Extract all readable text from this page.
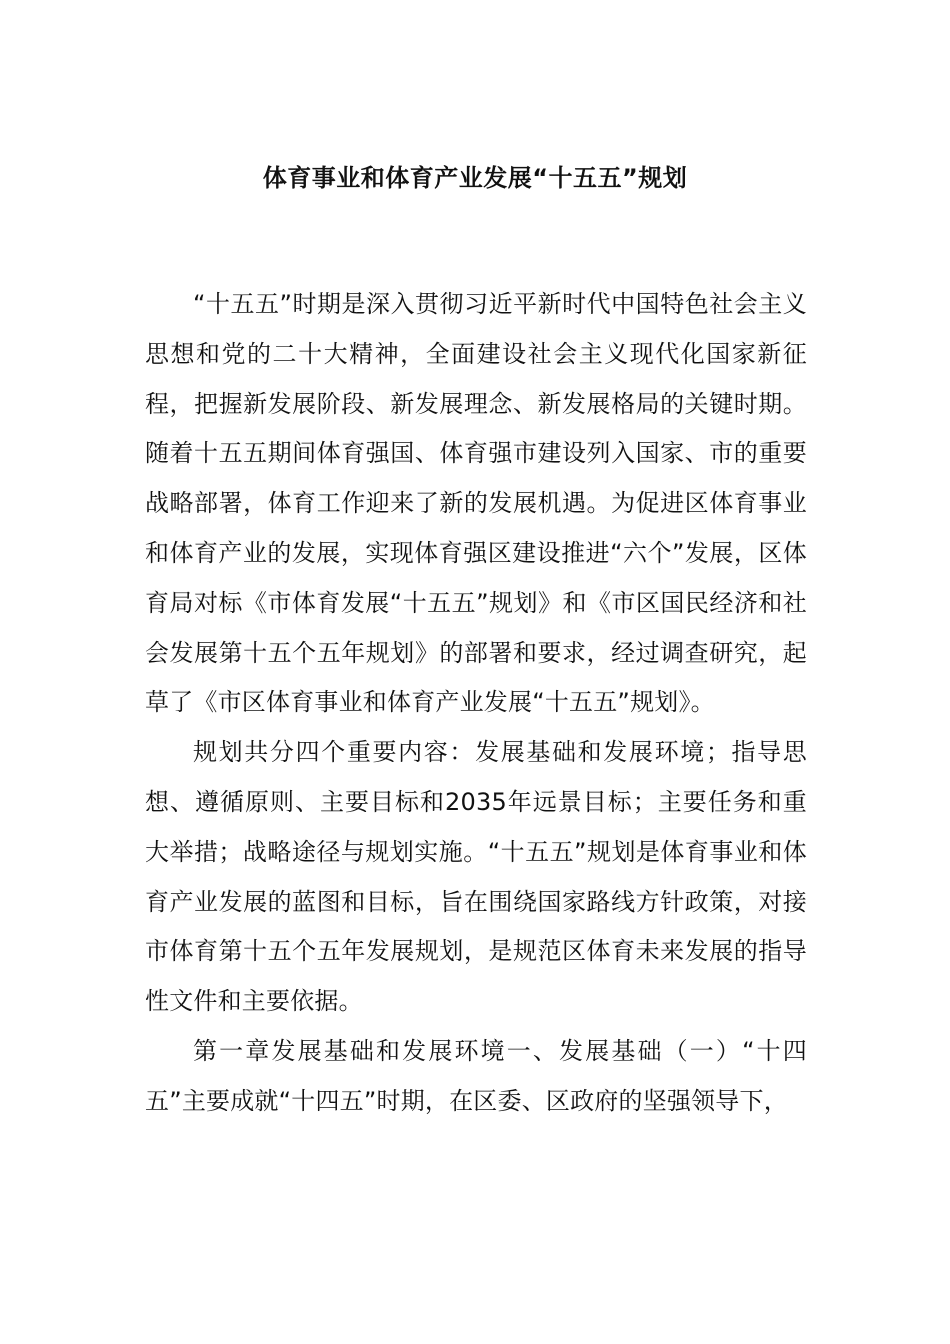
体育事业和体育产业发展“十五五”规划

“十五五”时期是深入贯彻习近平新时代中国特色社会主义思想和党的二十大精神，全面建设社会主义现代化国家新征程，把握新发展阶段、新发展理念、新发展格局的关键时期。随着十五五期间体育强国、体育强市建设列入国家、市的重要战略部署，体育工作迎来了新的发展机遇。为促进区体育事业和体育产业的发展，实现体育强区建设推进“六个”发展，区体育局对标《市体育发展“十五五”规划》和《市区国民经济和社会发展第十五个五年规划》的部署和要求，经过调查研究，起草了《市区体育事业和体育产业发展“十五五”规划》。

规划共分四个重要内容：发展基础和发展环境；指导思想、遵循原则、主要目标和2035年远景目标；主要任务和重大举措；战略途径与规划实施。“十五五”规划是体育事业和体育产业发展的蓝图和目标，旨在围绕国家路线方针政策，对接市体育第十五个五年发展规划，是规范区体育未来发展的指导性文件和主要依据。

第一章发展基础和发展环境一、发展基础（一）“十四五”主要成就“十四五”时期，在区委、区政府的坚强领导下，
